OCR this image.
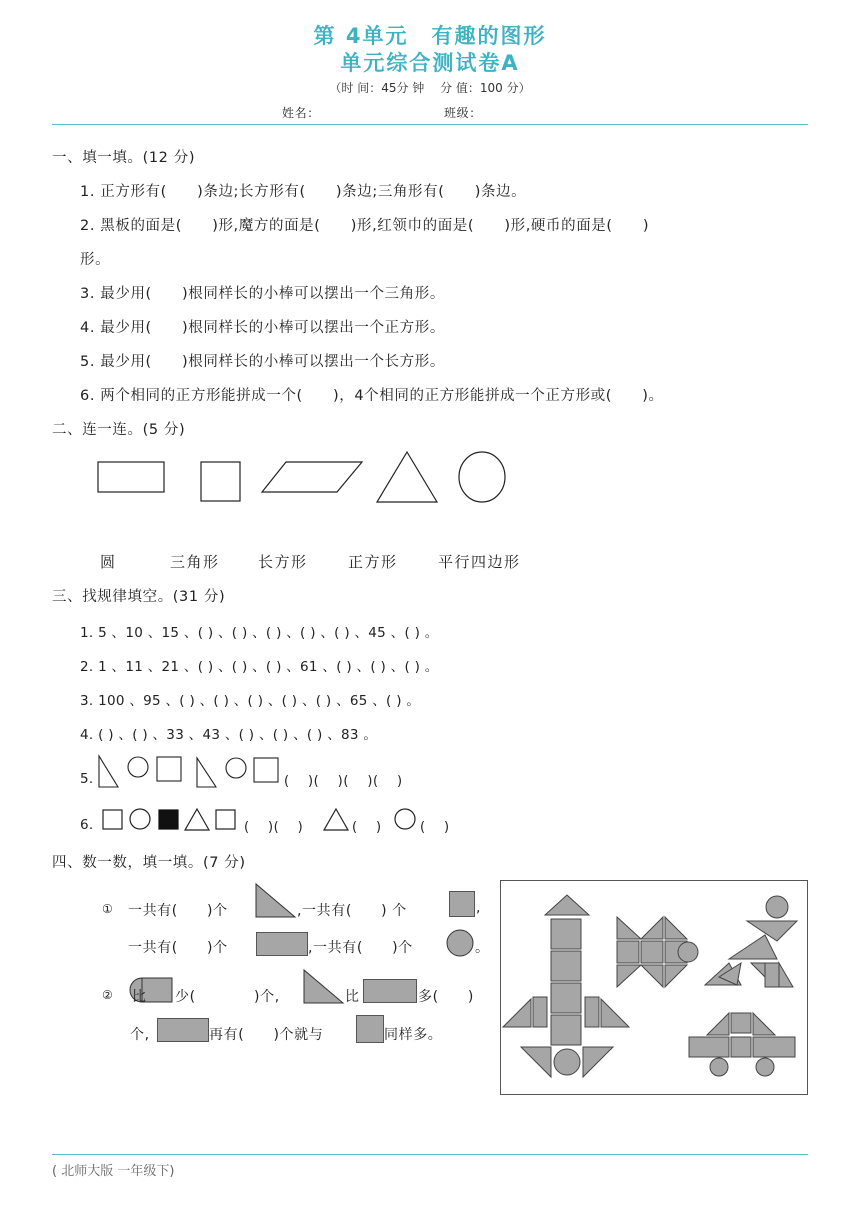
第 4单元　有趣的图形
单元综合测试卷A
（时 间：45分 钟　 分 值：100 分）
姓名：	班级：
一、填一填。(12 分)
1. 正方形有(　　)条边;长方形有(　　)条边;三角形有(　　)条边。
2. 黑板的面是(　　)形,魔方的面是(　　)形,红领巾的面是(　　)形,硬币的面是(　　)
形。
3. 最少用(　　)根同样长的小棒可以摆出一个三角形。
4. 最少用(　　)根同样长的小棒可以摆出一个正方形。
5. 最少用(　　)根同样长的小棒可以摆出一个长方形。
6. 两个相同的正方形能拼成一个(　　)，4个相同的正方形能拼成一个正方形或(　　)。
二、连一连。(5 分)
圆	三角形	长方形	正方形	平行四边形
三、找规律填空。(31 分)
1. 5 、10 、15 、( ) 、( ) 、( ) 、( ) 、( ) 、45 、( ) 。
2. 1 、11 、21 、( ) 、( ) 、( ) 、61 、( ) 、( ) 、( ) 。
3. 100 、95 、( ) 、( ) 、( ) 、( ) 、( ) 、65 、( ) 。
4. ( ) 、( ) 、33 、43 、( ) 、( ) 、( ) 、83 。
5.	(　 )(　 )(　 )(　 )
6.	(　 )(　 )	(　 )	(　 )
四、数一数，填一填。(7 分)
① 一共有(　　)个	,一共有(　　) 个	,
一共有(　　)个	,一共有(　　)个	。
② 比 少(　　　　)个,	比	多(　　)
个,	再有(　　)个就与	同样多。
( 北师大版 一年级下)
